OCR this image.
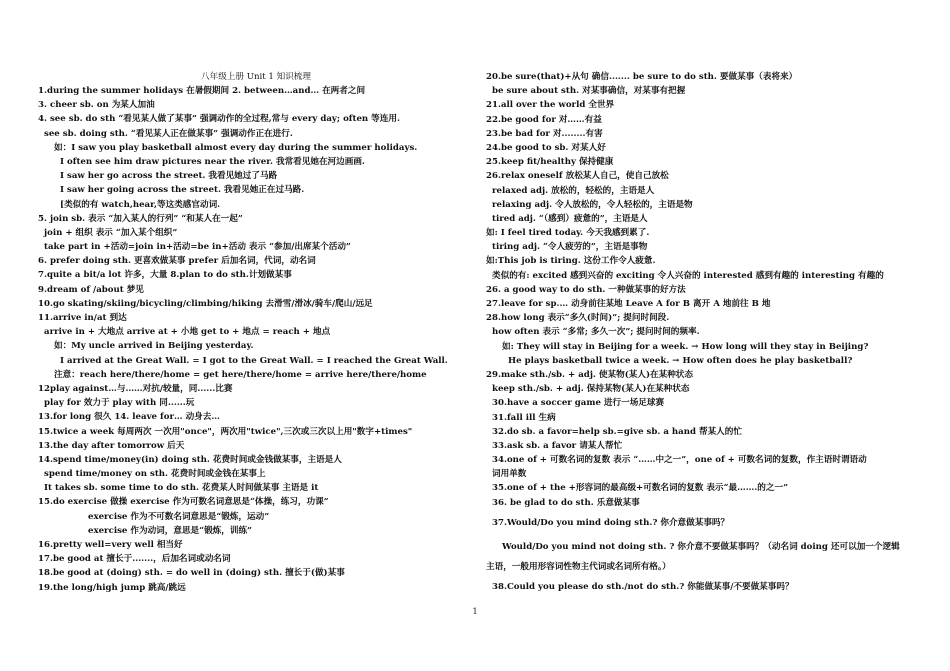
八年级上册 Unit 1 知识梳理
1.during the summer holidays 在暑假期间 2. between…and… 在两者之间
3. cheer sb. on 为某人加油
4. see sb. do sth “看见某人做了某事” 强调动作的全过程,常与 every day; often 等连用.
see sb. doing sth. “看见某人正在做某事” 强调动作正在进行.
如：I saw you play basketball almost every day during the summer holidays.
I often see him draw pictures near the river. 我常看见她在河边画画.
I saw her go across the street. 我看见她过了马路
I saw her going across the street. 我看见她正在过马路.
[类似的有 watch,hear,等这类感官动词.
5. join sb. 表示 “加入某人的行列” “和某人在一起”
join + 组织 表示 “加入某个组织”
take part in +活动=join in+活动=be in+活动 表示 “参加/出席某个活动”
6. prefer doing sth. 更喜欢做某事 prefer 后加名词，代词，动名词
7.quite a bit/a lot 许多，大量 8.plan to do sth.计划做某事
9.dream of /about 梦见
10.go skating/skiing/bicycling/climbing/hiking 去滑雪/滑冰/骑车/爬山/远足
11.arrive in/at 到达
arrive in + 大地点 arrive at + 小地 get to + 地点 = reach + 地点
如：My uncle arrived in Beijing yesterday.
I arrived at the Great Wall. = I got to the Great Wall. = I reached the Great Wall.
注意：reach here/there/home = get here/there/home = arrive here/there/home
12play against…与……对抗/较量，同......比赛
play for 效力于 play with 同......玩
13.for long 很久 14. leave for… 动身去…
15.twice a week 每周两次 一次用"once"，两次用"twice",三次或三次以上用"数字+times"
13.the day after tomorrow 后天
14.spend time/money(in) doing sth. 花费时间或金钱做某事，主语是人
spend time/money on sth. 花费时间或金钱在某事上
It takes sb. some time to do sth. 花费某人时间做某事 主语是 it
15.do exercise 做操 exercise 作为可数名词意思是“体操，练习，功课”
exercise 作为不可数名词意思是“锻炼，运动”
exercise 作为动词，意思是“锻炼，训练”
16.pretty well=very well 相当好
17.be good at 擅长于.......，后加名词或动名词
18.be good at (doing) sth. = do well in (doing) sth. 擅长于(做)某事
19.the long/high jump 跳高/跳远
20.be sure(that)+从句 确信....... be sure to do sth. 要做某事（表将来）
be sure about sth. 对某事确信，对某事有把握
21.all over the world 全世界
22.be good for 对……有益
23.be bad for 对........有害
24.be good to sb. 对某人好
25.keep fit/healthy 保持健康
26.relax oneself 放松某人自己，使自己放松
relaxed adj. 放松的，轻松的，主语是人
relaxing adj. 令人放松的，令人轻松的，主语是物
tired adj. “（感到）疲惫的”，主语是人
如: I feel tired today. 今天我感到累了.
tiring adj. “令人疲劳的”，主语是事物
如:This job is tiring. 这份工作令人疲惫.
类似的有: excited 感到兴奋的 exciting 令人兴奋的 interested 感到有趣的 interesting 有趣的
26. a good way to do sth. 一种做某事的好方法
27.leave for sp.… 动身前往某地 Leave A for B 离开 A 地前往 B 地
28.how long 表示“多久(时间)”; 提问时间段.
how often 表示 “多常; 多久一次”; 提问时间的频率.
如: They will stay in Beijing for a week. → How long will they stay in Beijing?
He plays basketball twice a week. → How often does he play basketball?
29.make sth./sb. + adj. 使某物(某人)在某种状态
keep sth./sb. + adj. 保持某物(某人)在某种状态
30.have a soccer game 进行一场足球赛
31.fall ill 生病
32.do sb. a favor=help sb.=give sb. a hand 帮某人的忙
33.ask sb. a favor 请某人帮忙
34.one of + 可数名词的复数 表示 “……中之一”，one of + 可数名词的复数，作主语时谓语动
词用单数
35.one of + the +形容词的最高级+可数名词的复数 表示“最…….的之一”
36. be glad to do sth. 乐意做某事
37.Would/Do you mind doing sth.? 你介意做某事吗？
Would/Do you mind not doing sth. ? 你介意不要做某事吗？（动名词 doing 还可以加一个逻辑
主语，一般用形容词性物主代词或名词所有格。）
38.Could you please do sth./not do sth.? 你能做某事/不要做某事吗？
1
